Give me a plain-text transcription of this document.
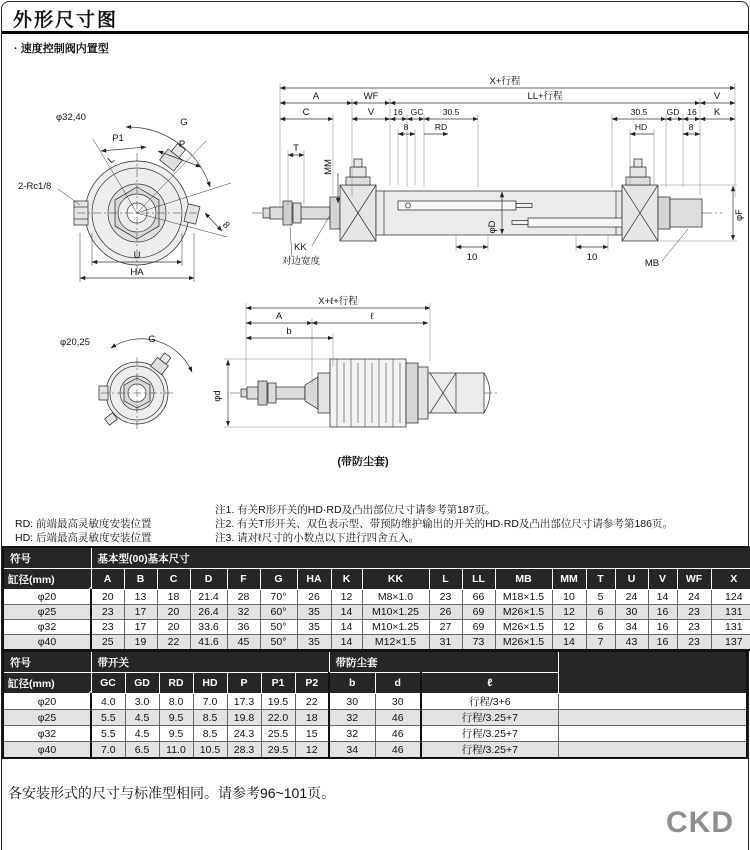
外形尺寸图
· 速度控制阀内置型
φ32,40	G
P1
P
L
2-Rc1/8
8
U
HA
X+行程
A	WF	LL+行程	V
C	V 16 GC 30.5	30.5 GD 16 K
8	RD	HD	8
T
MM
KK
对边宽度	10	10
φD
φF
MB
φ20,25	G
X+ℓ+行程
A	ℓ
b
φd
(带防尘套)
注1. 有关R形开关的HD·RD及凸出部位尺寸请参考第187页。
RD: 前端最高灵敏度安装位置	注2. 有关T形开关、双色表示型、带预防维护输出的开关的HD·RD及凸出部位尺寸请参考第186页。
HD: 后端最高灵敏度安装位置	注3. 请对ℓ尺寸的小数点以下进行四舍五入。
符号	基本型(00)基本尺寸																	
缸径(mm)	A	B	C	D	F	G	HA	K	KK	L	LL	MB	MM	T	U	V	WF	X
φ20	20	13	18	21.4	28	70°	26	12	M8×1.0	23	66	M18×1.5	10	5	24	14	24	124
φ25	23	17	20	26.4	32	60°	35	14	M10×1.25	26	69	M26×1.5	12	6	30	16	23	131
φ32	23	17	20	33.6	36	50°	35	14	M10×1.25	27	69	M26×1.5	12	6	34	16	23	131
φ40	25	19	22	41.6	45	50°	35	14	M12×1.5	31	73	M26×1.5	14	7	43	16	23	137
符号	带开关							带防尘套			
缸径(mm)	GC	GD	RD	HD	P	P1	P2	b	d	ℓ	
φ20	4.0	3.0	8.0	7.0	17.3	19.5	22	30	30	行程/3+6	
φ25	5.5	4.5	9.5	8.5	19.8	22.0	18	32	46	行程/3.25+7	
φ32	5.5	4.5	9.5	8.5	24.3	25.5	15	32	46	行程/3.25+7	
φ40	7.0	6.5	11.0	10.5	28.3	29.5	12	34	46	行程/3.25+7	
各安装形式的尺寸与标准型相同。请参考96~101页。
CKD
